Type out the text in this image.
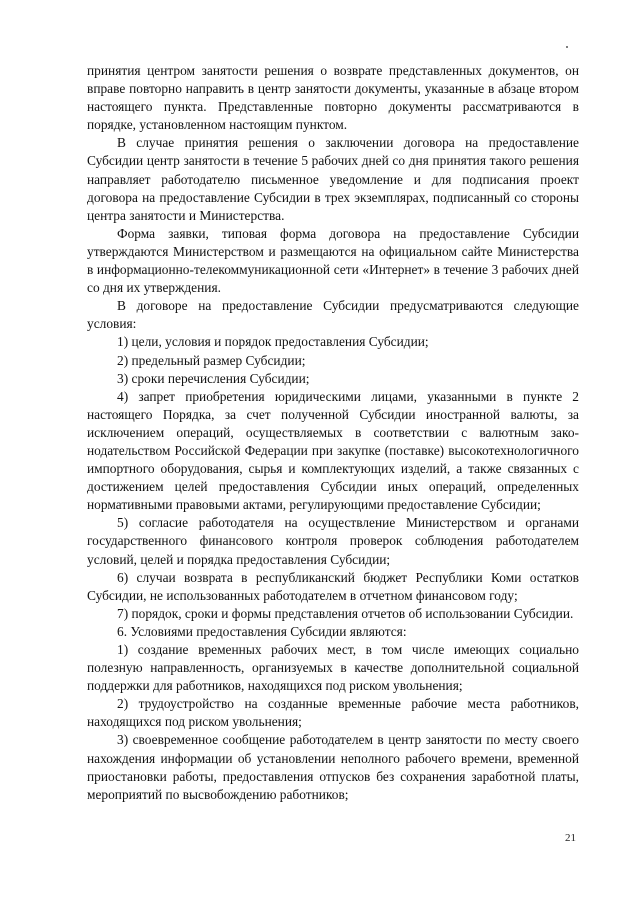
принятия центром занятости решения о возврате представленных документов, он вправе повторно направить в центр занятости документы, указанные в абзаце втором настоящего пункта. Представленные повторно документы рассматриваются в порядке, установленном настоящим пунктом.

В случае принятия решения о заключении договора на предоставление Субсидии центр занятости в течение 5 рабочих дней со дня принятия такого решения направляет работодателю письменное уведомление и для подписания проект договора на предоставление Субсидии в трех экземплярах, подписанный со стороны центра занятости и Министерства.

Форма заявки, типовая форма договора на предоставление Субсидии утверждаются Министерством и размещаются на официальном сайте Министерства в информационно-телекоммуникационной сети «Интернет» в течение 3 рабочих дней со дня их утверждения.

В договоре на предоставление Субсидии предусматриваются следующие условия:

1) цели, условия и порядок предоставления Субсидии;

2) предельный размер Субсидии;

3) сроки перечисления Субсидии;

4) запрет приобретения юридическими лицами, указанными в пункте 2 настоящего Порядка, за счет полученной Субсидии иностранной валюты, за исключением операций, осуществляемых в соответствии с валютным законодательством Российской Федерации при закупке (поставке) высокотехнологичного импортного оборудования, сырья и комплектующих изделий, а также связанных с достижением целей предоставления Субсидии иных операций, определенных нормативными правовыми актами, регулирующими предоставление Субсидии;

5) согласие работодателя на осуществление Министерством и органами государственного финансового контроля проверок соблюдения работодателем условий, целей и порядка предоставления Субсидии;

6) случаи возврата в республиканский бюджет Республики Коми остатков Субсидии, не использованных работодателем в отчетном финансовом году;

7) порядок, сроки и формы представления отчетов об использовании Субсидии.

6. Условиями предоставления Субсидии являются:

1) создание временных рабочих мест, в том числе имеющих социально полезную направленность, организуемых в качестве дополнительной социальной поддержки для работников, находящихся под риском увольнения;

2) трудоустройство на созданные временные рабочие места работников, находящихся под риском увольнения;

3) своевременное сообщение работодателем в центр занятости по месту своего нахождения информации об установлении неполного рабочего времени, временной приостановки работы, предоставления отпусков без сохранения заработной платы, мероприятий по высвобождению работников;

21
